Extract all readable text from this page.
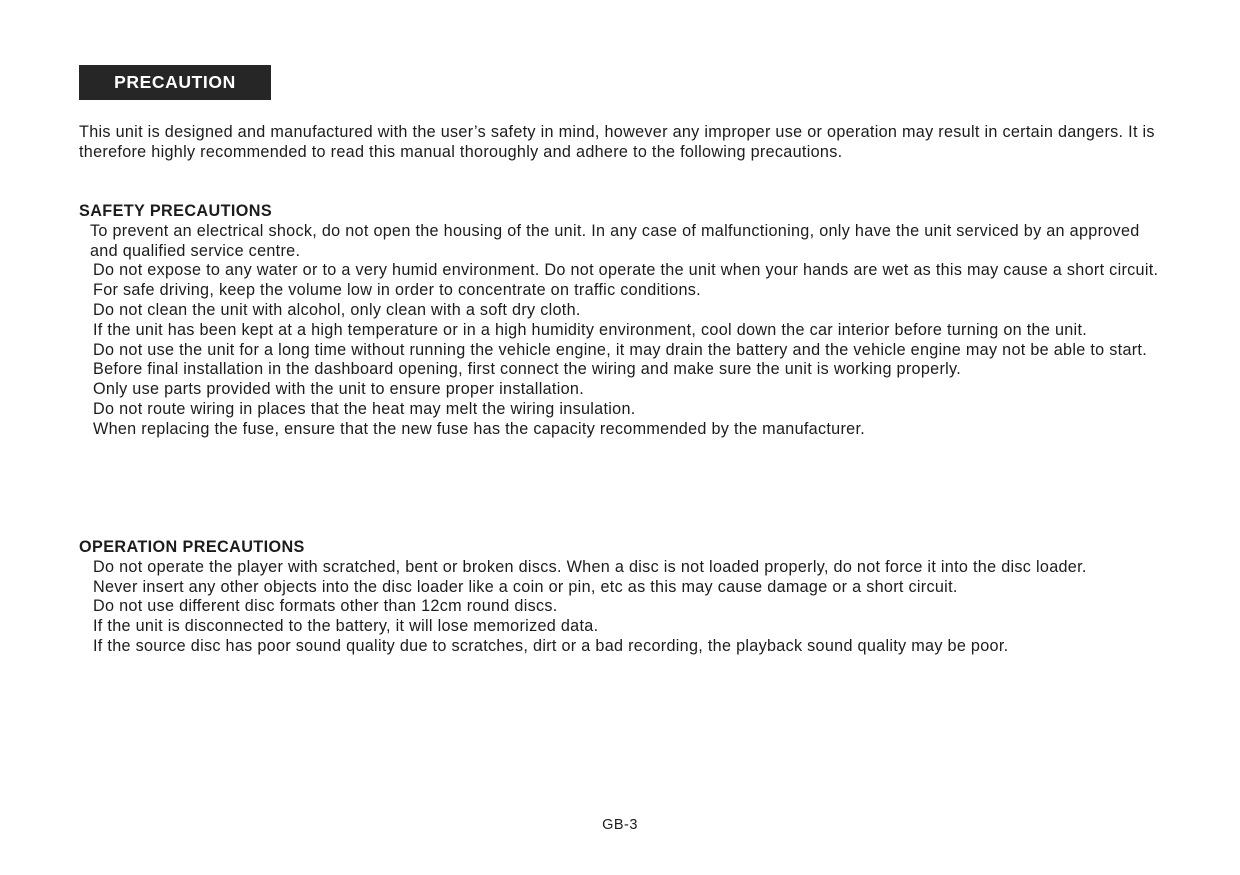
PRECAUTION

This unit is designed and manufactured with the user’s safety in mind, however any improper use or operation may result in certain dangers. It is therefore highly recommended to read this manual thoroughly and adhere to the following precautions.

SAFETY PRECAUTIONS

To prevent an electrical shock, do not open the housing of the unit. In any case of malfunctioning, only have the unit serviced by an approved and qualified service centre.
Do not expose to any water or to a very humid environment. Do not operate the unit when your hands are wet as this may cause a short circuit.
For safe driving, keep the volume low in order to concentrate on traffic conditions.
Do not clean the unit with alcohol, only clean with a soft dry cloth.
If the unit has been kept at a high temperature or in a high humidity environment, cool down the car interior before turning on the unit.
Do not use the unit for a long time without running the vehicle engine, it may drain the battery and the vehicle engine may not be able to start.
Before final installation in the dashboard opening, first connect the wiring and make sure the unit is working properly.
Only use parts provided with the unit to ensure proper installation.
Do not route wiring in places that the heat may melt the wiring insulation.
When replacing the fuse, ensure that the new fuse has the capacity recommended by the manufacturer.

OPERATION PRECAUTIONS

Do not operate the player with scratched, bent or broken discs. When a disc is not loaded properly, do not force it into the disc loader.
Never insert any other objects into the disc loader like a coin or pin, etc as this may cause damage or a short circuit.
Do not use different disc formats other than 12cm round discs.
If the unit is disconnected to the battery, it will lose memorized data.
If the source disc has poor sound quality due to scratches, dirt or a bad recording, the playback sound quality may be poor.
GB-3
